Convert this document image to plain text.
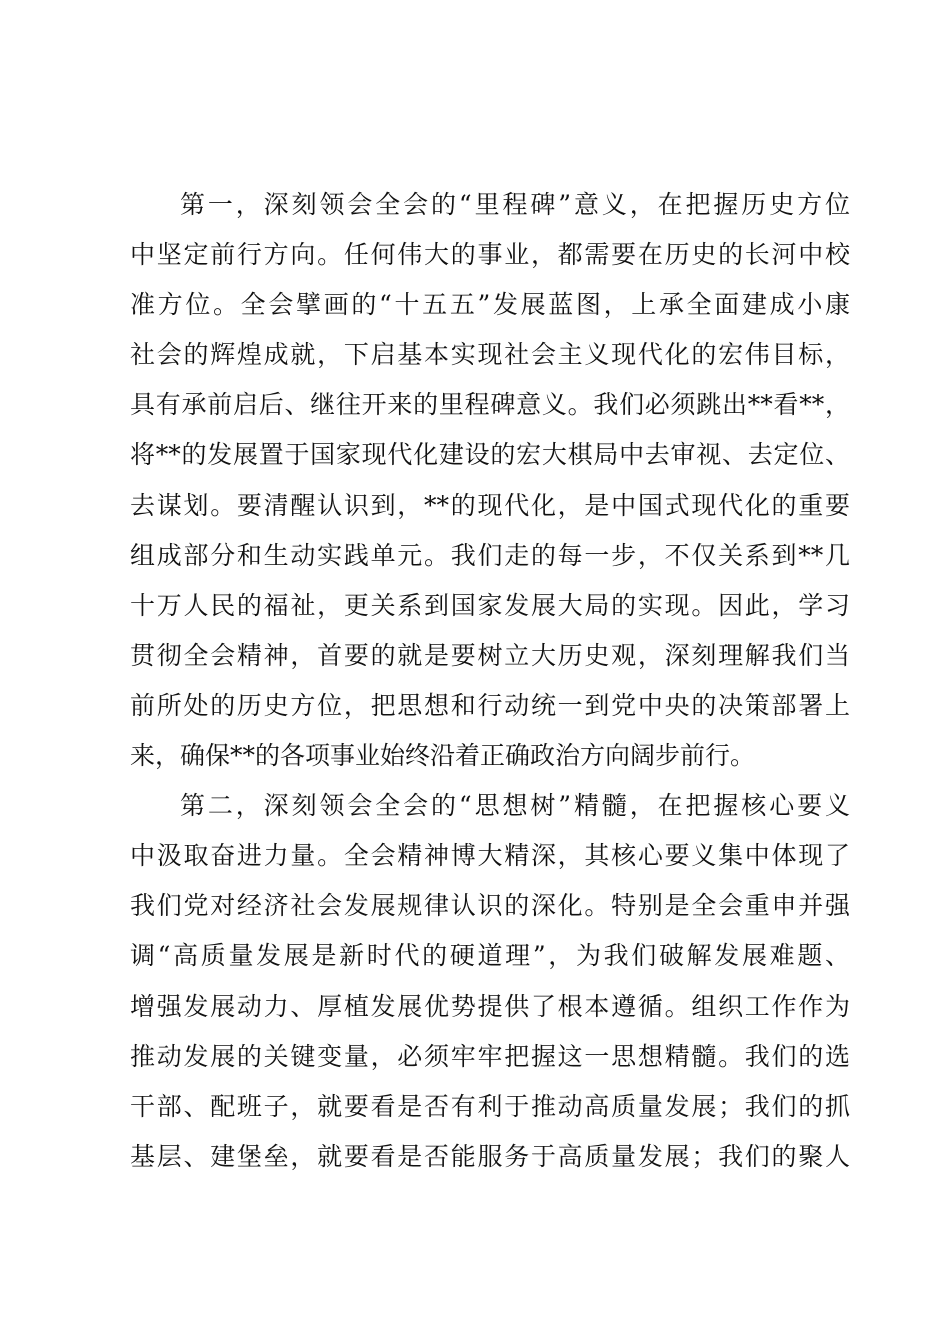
第一，深刻领会全会的“里程碑”意义，在把握历史方位
中坚定前行方向。任何伟大的事业，都需要在历史的长河中校
准方位。全会擘画的“十五五”发展蓝图，上承全面建成小康
社会的辉煌成就，下启基本实现社会主义现代化的宏伟目标，
具有承前启后、继往开来的里程碑意义。我们必须跳出**看**，
将**的发展置于国家现代化建设的宏大棋局中去审视、去定位、
去谋划。要清醒认识到，**的现代化，是中国式现代化的重要
组成部分和生动实践单元。我们走的每一步，不仅关系到**几
十万人民的福祉，更关系到国家发展大局的实现。因此，学习
贯彻全会精神，首要的就是要树立大历史观，深刻理解我们当
前所处的历史方位，把思想和行动统一到党中央的决策部署上
来，确保**的各项事业始终沿着正确政治方向阔步前行。
第二，深刻领会全会的“思想树”精髓，在把握核心要义
中汲取奋进力量。全会精神博大精深，其核心要义集中体现了
我们党对经济社会发展规律认识的深化。特别是全会重申并强
调“高质量发展是新时代的硬道理”，为我们破解发展难题、
增强发展动力、厚植发展优势提供了根本遵循。组织工作作为
推动发展的关键变量，必须牢牢把握这一思想精髓。我们的选
干部、配班子，就要看是否有利于推动高质量发展；我们的抓
基层、建堡垒，就要看是否能服务于高质量发展；我们的聚人
